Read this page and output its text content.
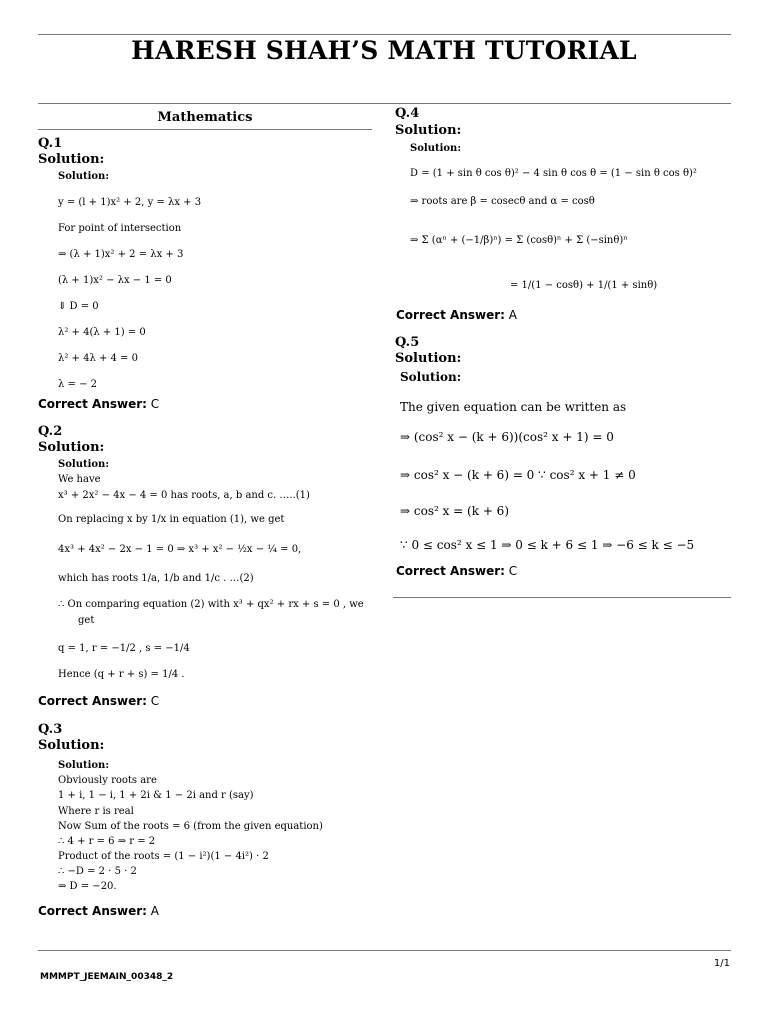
HARESH SHAH’S MATH TUTORIAL
Mathematics
Q.1
Solution:
Solution:
y = (l + 1)x² + 2, y = λx + 3
For point of intersection
⇒ (λ + 1)x² + 2 = λx + 3
(λ + 1)x² − λx − 1 = 0
⇓ D = 0
λ² + 4(λ + 1) = 0
λ² + 4λ + 4 = 0
λ = − 2
Correct Answer: C
Q.2
Solution:
Solution:
We have
x³ + 2x² − 4x − 4 = 0 has roots, a, b and c. …..(1)
On replacing x by 1/x in equation (1), we get
4x³ + 4x² − 2x − 1 = 0 ⇒ x³ + x² − ½x − ¼ = 0,
which has roots 1/a, 1/b and 1/c . …(2)
∴ On comparing equation (2) with x³ + qx² + rx + s = 0 , we
get
q = 1, r = −1/2 , s = −1/4
Hence (q + r + s) = 1/4 .
Correct Answer: C
Q.3
Solution:
Solution:
Obviously roots are
1 + i, 1 − i, 1 + 2i & 1 − 2i and r (say)
Where r is real
Now Sum of the roots = 6 (from the given equation)
∴ 4 + r = 6 ⇒ r = 2
Product of the roots = (1 − i²)(1 − 4i²) · 2
∴ −D = 2 · 5 · 2
⇒ D = −20.
Correct Answer: A
Q.4
Solution:
Solution:
D = (1 + sin θ cos θ)² − 4 sin θ cos θ = (1 − sin θ cos θ)²
⇒ roots are β = cosecθ and α = cosθ
⇒ Σ (αⁿ + (−1/β)ⁿ) = Σ (cosθ)ⁿ + Σ (−sinθ)ⁿ
= 1/(1 − cosθ) + 1/(1 + sinθ)
Correct Answer: A
Q.5
Solution:
Solution:
The given equation can be written as
⇒ (cos² x − (k + 6))(cos² x + 1) = 0
⇒ cos² x − (k + 6) = 0 ∵ cos² x + 1 ≠ 0
⇒ cos² x = (k + 6)
∵ 0 ≤ cos² x ≤ 1 ⇒ 0 ≤ k + 6 ≤ 1 ⇒ −6 ≤ k ≤ −5
Correct Answer: C
1/1
MMMPT_JEEMAIN_00348_2
